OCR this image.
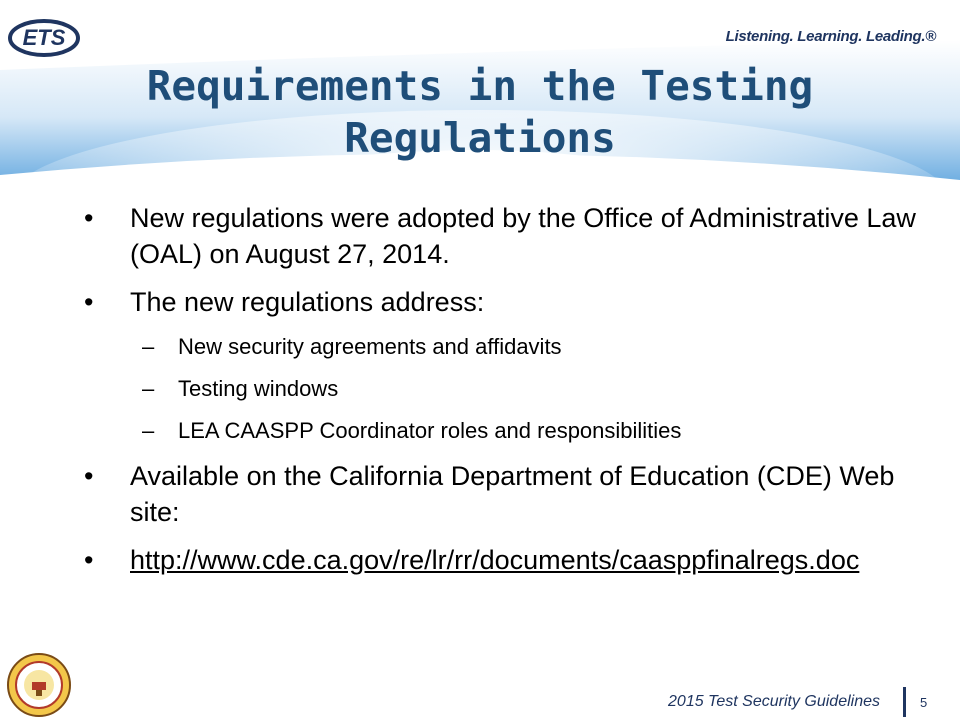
ETS	Listening. Learning. Leading.®
Requirements in the Testing Regulations
•	New regulations were adopted by the Office of Administrative Law (OAL) on August 27, 2014.
•	The new regulations address:
–	New security agreements and affidavits
–	Testing windows
–	LEA CAASPP Coordinator roles and responsibilities
•	Available on the California Department of Education (CDE) Web site:
•	http://www.cde.ca.gov/re/lr/rr/documents/caasppfinalregs.doc
2015 Test Security Guidelines	5
